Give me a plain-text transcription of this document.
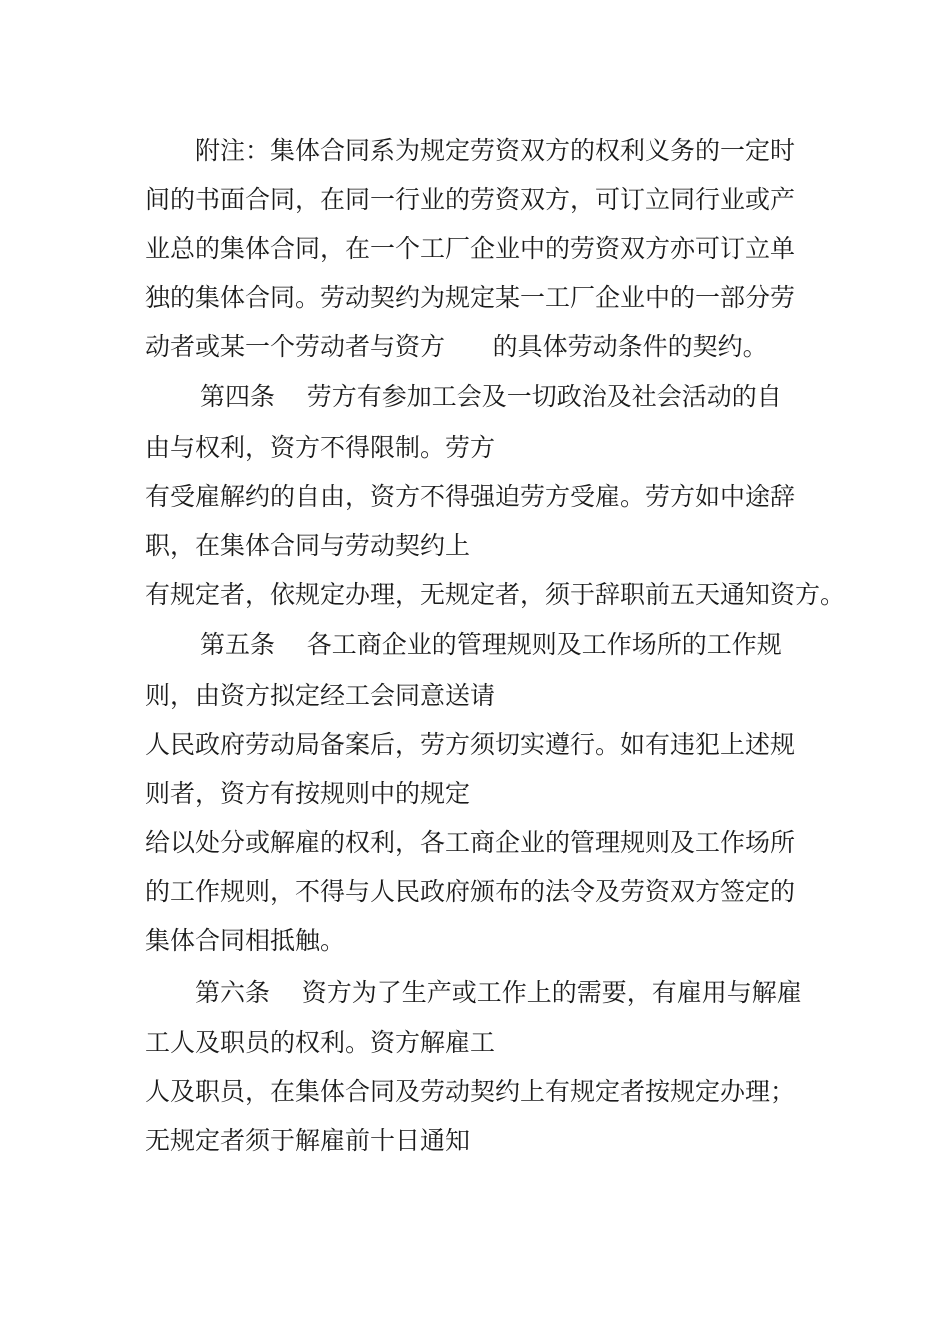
附注：集体合同系为规定劳资双方的权利义务的一定时

间的书面合同，在同一行业的劳资双方，可订立同行业或产

业总的集体合同，在一个工厂企业中的劳资双方亦可订立单

独的集体合同。劳动契约为规定某一工厂企业中的一部分劳

动者或某一个劳动者与资方      的具体劳动条件的契约。

第四条    劳方有参加工会及一切政治及社会活动的自

由与权利，资方不得限制。劳方

有受雇解约的自由，资方不得强迫劳方受雇。劳方如中途辞

职，在集体合同与劳动契约上

有规定者，依规定办理，无规定者，须于辞职前五天通知资方。

第五条    各工商企业的管理规则及工作场所的工作规

则，由资方拟定经工会同意送请

人民政府劳动局备案后，劳方须切实遵行。如有违犯上述规

则者，资方有按规则中的规定

给以处分或解雇的权利，各工商企业的管理规则及工作场所

的工作规则，不得与人民政府颁布的法令及劳资双方签定的

集体合同相抵触。

第六条    资方为了生产或工作上的需要，有雇用与解雇

工人及职员的权利。资方解雇工

人及职员，在集体合同及劳动契约上有规定者按规定办理；

无规定者须于解雇前十日通知
